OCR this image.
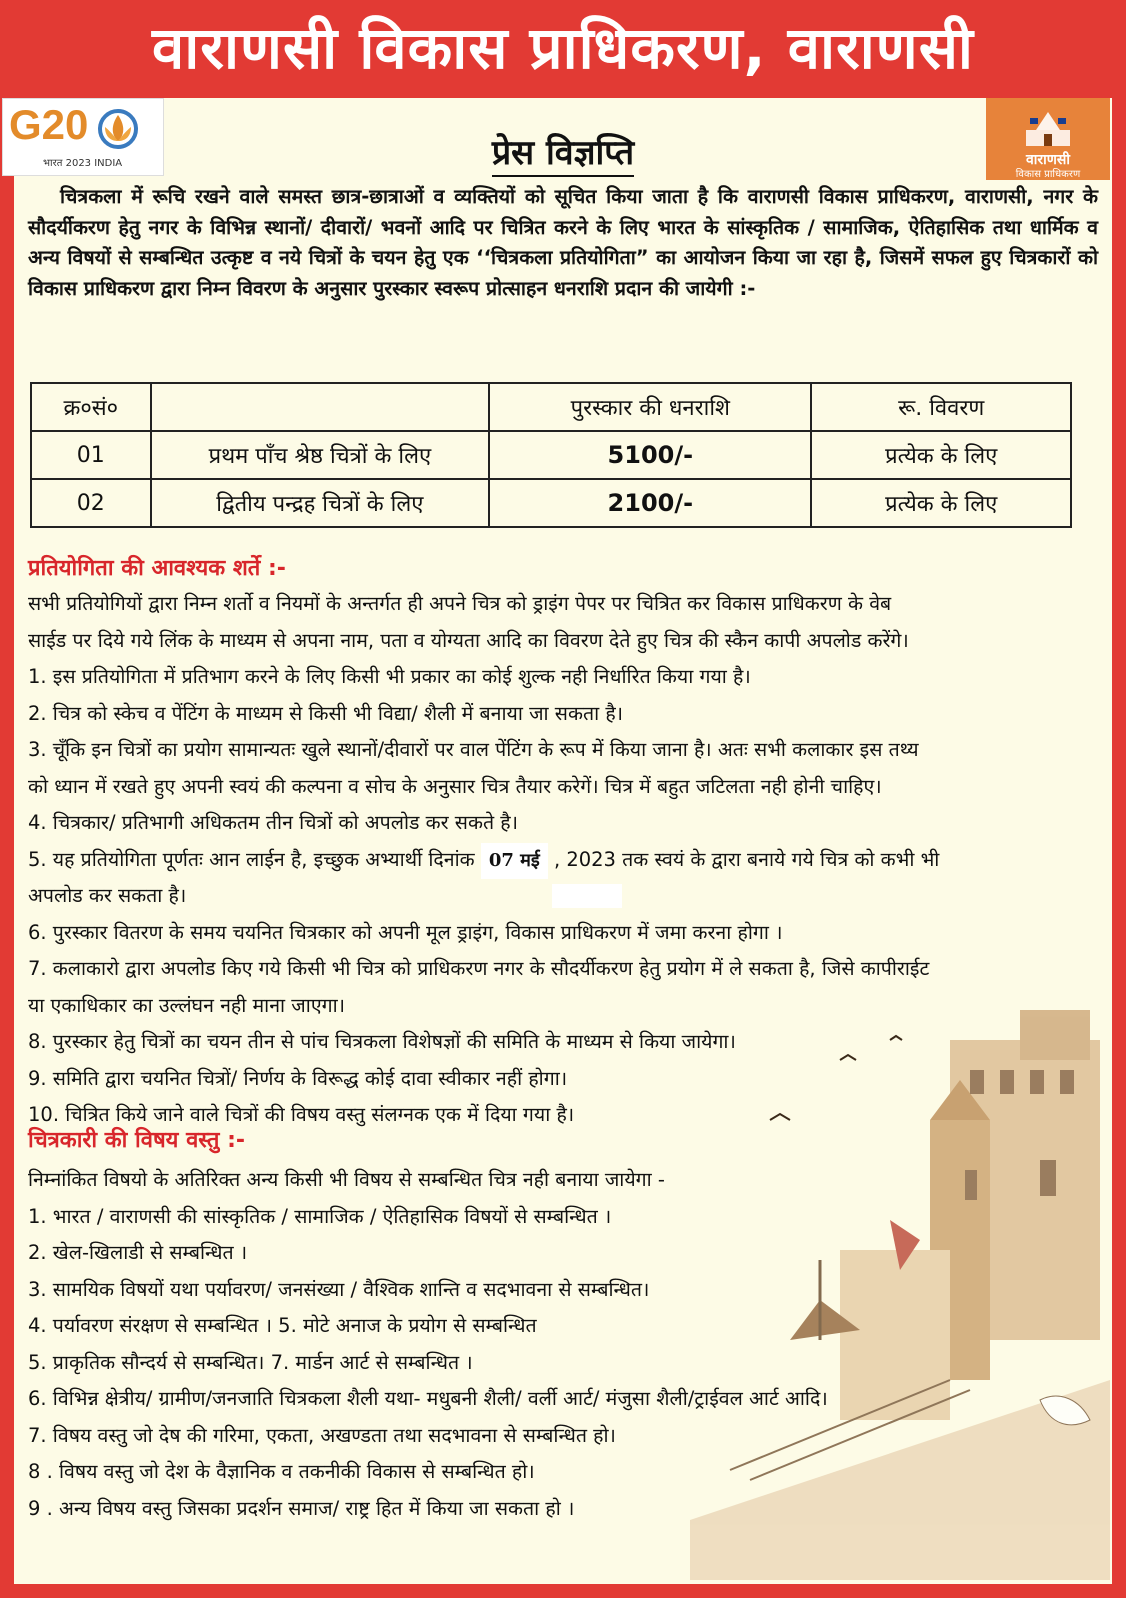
वाराणसी विकास प्राधिकरण, वाराणसी
G20
भारत 2023 INDIA	वाराणसी
विकास प्राधिकरण
प्रेस विज्ञप्ति
चित्रकला में रूचि रखने वाले समस्त छात्र-छात्राओं व व्यक्तियों को सूचित किया जाता है कि वाराणसी विकास प्राधिकरण, वाराणसी, नगर के सौदर्यीकरण हेतु नगर के विभिन्न स्थानों/ दीवारों/ भवनों आदि पर चित्रित करने के लिए भारत के सांस्कृतिक / सामाजिक, ऐतिहासिक तथा धार्मिक व अन्य विषयों से सम्बन्धित उत्कृष्ट व नये चित्रों के चयन हेतु एक ‘‘चित्रकला प्रतियोगिता” का आयोजन किया जा रहा है, जिसमें सफल हुए चित्रकारों को विकास प्राधिकरण द्वारा निम्न विवरण के अनुसार पुरस्कार स्वरूप प्रोत्साहन धनराशि प्रदान की जायेगी :-
क्र०सं०		पुरस्कार की धनराशि	रू. विवरण
01	प्रथम पाँच श्रेष्ठ चित्रों के लिए	5100/-	प्रत्येक के लिए
02	द्वितीय पन्द्रह चित्रों के लिए	2100/-	प्रत्येक के लिए
प्रतियोगिता की आवश्यक शर्ते :-
सभी प्रतियोगियों द्वारा निम्न शर्तो व नियमों के अन्तर्गत ही अपने चित्र को ड्राइंग पेपर पर चित्रित कर विकास प्राधिकरण के वेब
साईड पर दिये गये लिंक के माध्यम से अपना नाम, पता व योग्यता आदि का विवरण देते हुए चित्र की स्कैन कापी अपलोड करेंगे।
1. इस प्रतियोगिता में प्रतिभाग करने के लिए किसी भी प्रकार का कोई शुल्क नही निर्धारित किया गया है।
2. चित्र को स्केच व पेंटिंग के माध्यम से किसी भी विद्या/ शैली में बनाया जा सकता है।
3. चूँकि इन चित्रों का प्रयोग सामान्यतः खुले स्थानों/दीवारों पर वाल पेंटिंग के रूप में किया जाना है। अतः सभी कलाकार इस तथ्य
को ध्यान में रखते हुए अपनी स्वयं की कल्पना व सोच के अनुसार चित्र तैयार करेगें। चित्र में बहुत जटिलता नही होनी चाहिए।
4. चित्रकार/ प्रतिभागी अधिकतम तीन चित्रों को अपलोड कर सकते है।
5. यह प्रतियोगिता पूर्णतः आन लाईन है, इच्छुक अभ्यार्थी दिनांक 07 मई , 2023 तक स्वयं के द्वारा बनाये गये चित्र को कभी भी
अपलोड कर सकता है।
6. पुरस्कार वितरण के समय चयनित चित्रकार को अपनी मूल ड्राइंग, विकास प्राधिकरण में जमा करना होगा ।
7. कलाकारो द्वारा अपलोड किए गये किसी भी चित्र को प्राधिकरण नगर के सौदर्यीकरण हेतु प्रयोग में ले सकता है, जिसे कापीराईट
या एकाधिकार का उल्लंघन नही माना जाएगा।
8. पुरस्कार हेतु चित्रों का चयन तीन से पांच चित्रकला विशेषज्ञों की समिति के माध्यम से किया जायेगा।
9. समिति द्वारा चयनित चित्रों/ निर्णय के विरूद्ध कोई दावा स्वीकार नहीं होगा।
10. चित्रित किये जाने वाले चित्रों की विषय वस्तु संलग्नक एक में दिया गया है।
चित्रकारी की विषय वस्तु :-
निम्नांकित विषयो के अतिरिक्त अन्य किसी भी विषय से सम्बन्धित चित्र नही बनाया जायेगा -
1. भारत / वाराणसी की सांस्कृतिक / सामाजिक / ऐतिहासिक विषयों से सम्बन्धित ।
2. खेल-खिलाडी से सम्बन्धित ।
3. सामयिक विषयों यथा पर्यावरण/ जनसंख्या / वैश्विक शान्ति व सदभावना से सम्बन्धित।
4. पर्यावरण संरक्षण से सम्बन्धित । 5. मोटे अनाज के प्रयोग से सम्बन्धित
5. प्राकृतिक सौन्दर्य से सम्बन्धित। 7. मार्डन आर्ट से सम्बन्धित ।
6. विभिन्न क्षेत्रीय/ ग्रामीण/जनजाति चित्रकला शैली यथा- मधुबनी शैली/ वर्ली आर्ट/ मंजुसा शैली/ट्राईवल आर्ट आदि।
7. विषय वस्तु जो देष की गरिमा, एकता, अखण्डता तथा सदभावना से सम्बन्धित हो।
8 . विषय वस्तु जो देश के वैज्ञानिक व तकनीकी विकास से सम्बन्धित हो।
9 . अन्य विषय वस्तु जिसका प्रदर्शन समाज/ राष्ट्र हित में किया जा सकता हो ।
